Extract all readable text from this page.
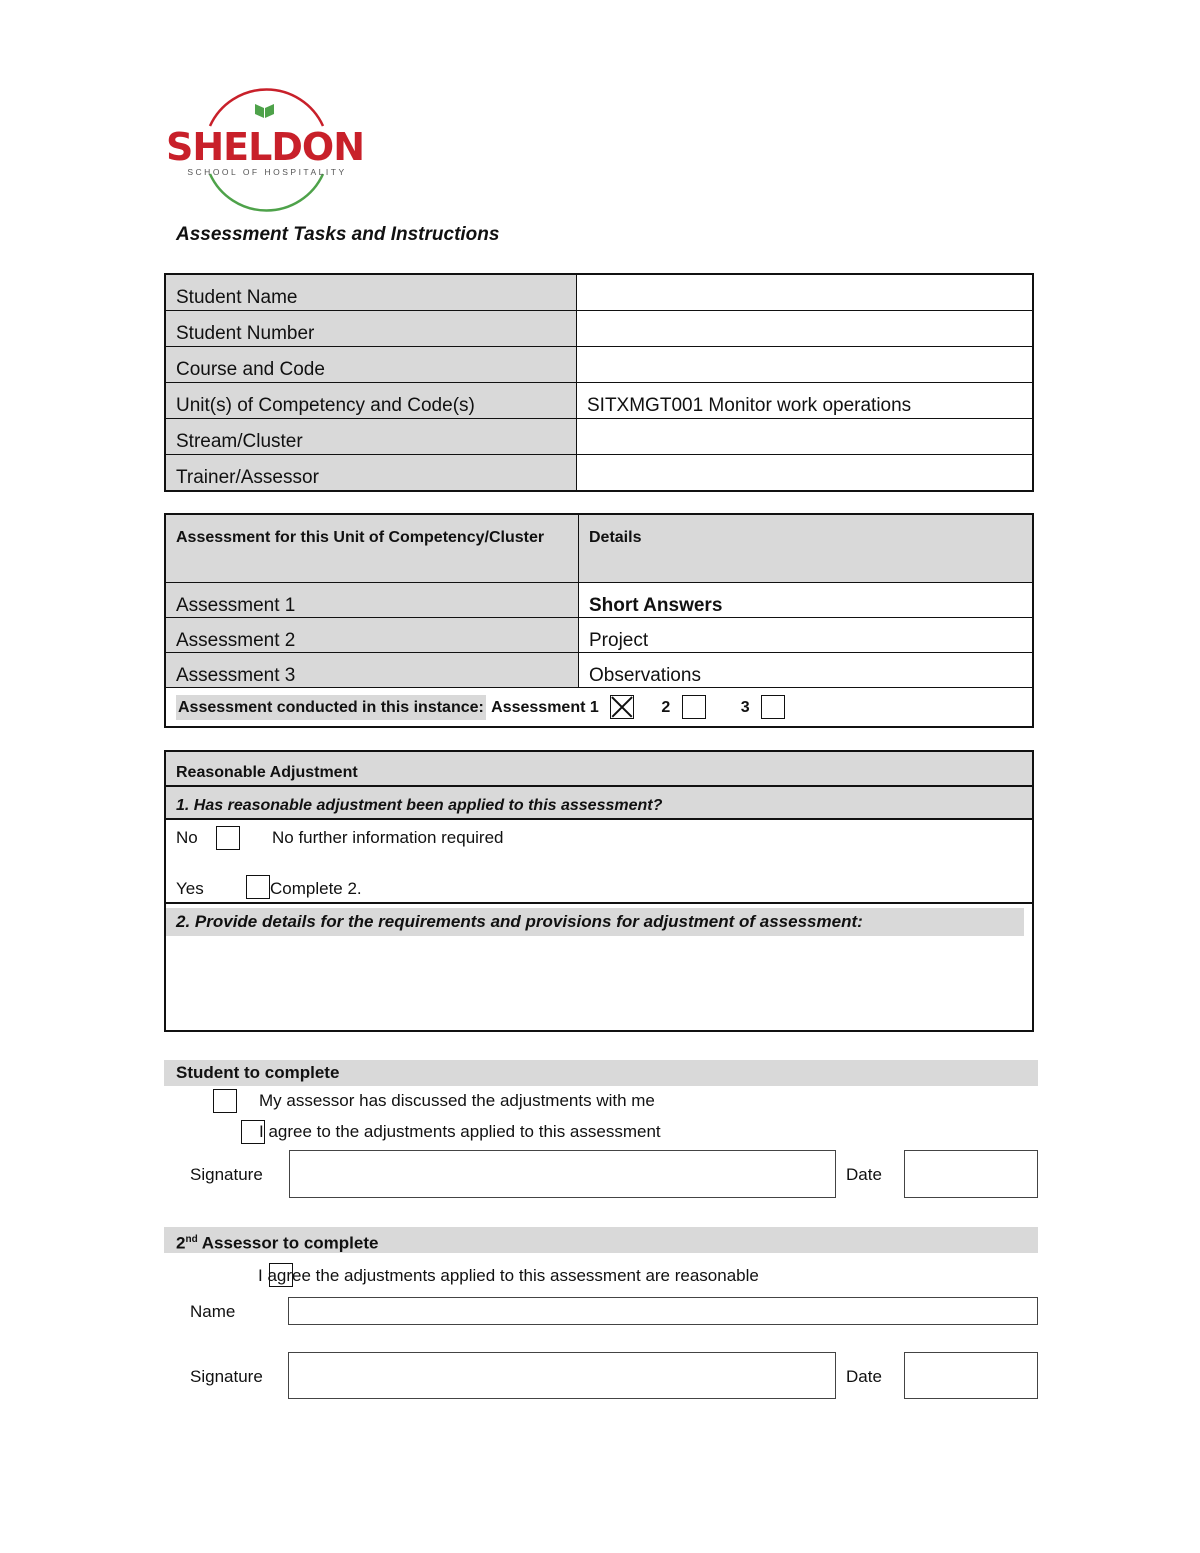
SHELDON
SCHOOL OF HOSPITALITY
Assessment Tasks and Instructions
Student Name	
Student Number	
Course and Code	
Unit(s) of Competency and Code(s)	SITXMGT001 Monitor work operations
Stream/Cluster	
Trainer/Assessor	
Assessment for this Unit of Competency/Cluster	Details
Assessment 1	Short Answers
Assessment 2	Project
Assessment 3	Observations
Assessment conducted in this instance: Assessment 1 2 3	
Reasonable Adjustment
1. Has reasonable adjustment been applied to this assessment?
No
	No further information required
Yes	Complete 2.
2. Provide details for the requirements and provisions for adjustment of assessment:
Student to complete

My assessor has discussed the adjustments with me

I agree to the adjustments applied to this assessment
Signature	Date
2nd Assessor to complete
I agree the adjustments applied to this assessment are reasonable
Name
Signature	Date
